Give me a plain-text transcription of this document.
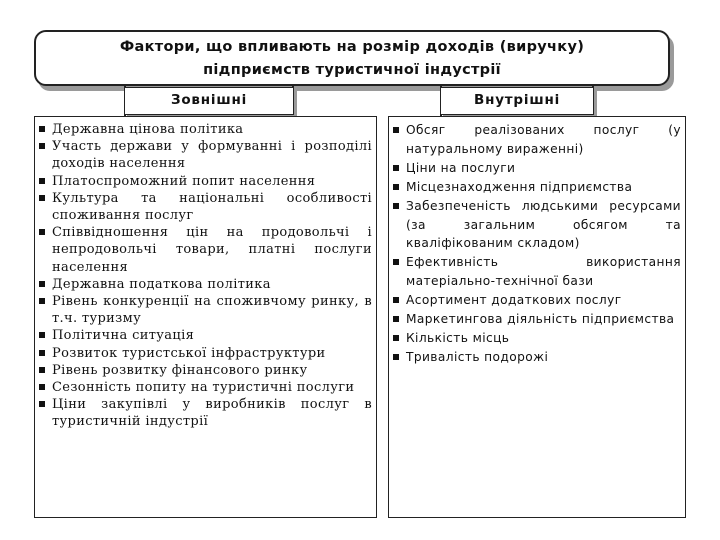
Фактори, що впливають на розмір доходів (виручку)
підприємств туристичної індустрії
Зовнішні	Внутрішні
Державна цінова політика
Участь держави у формуванні і розподілі доходів населення
Платоспроможний попит населення
Культура та національні особливості споживання послуг
Співвідношення цін на продовольчі і непродовольчі товари, платні послуги населення
Державна податкова політика
Рівень конкуренції на споживчому ринку, в т.ч. туризму
Політична ситуація
Розвиток туристської інфраструктури
Рівень розвитку фінансового ринку
Сезонність попиту на туристичні послуги
Ціни закупівлі у виробників послуг в туристичній індустрії
Обсяг реалізованих послуг (у натуральному вираженні)
Ціни на послуги
Місцезнаходження підприємства
Забезпеченість людськими ресурсами (за загальним обсягом та кваліфікованим складом)
Ефективність використання матеріально-технічної бази
Асортимент додаткових послуг
Маркетингова діяльність підприємства
Кількість місць
Тривалість подорожі
